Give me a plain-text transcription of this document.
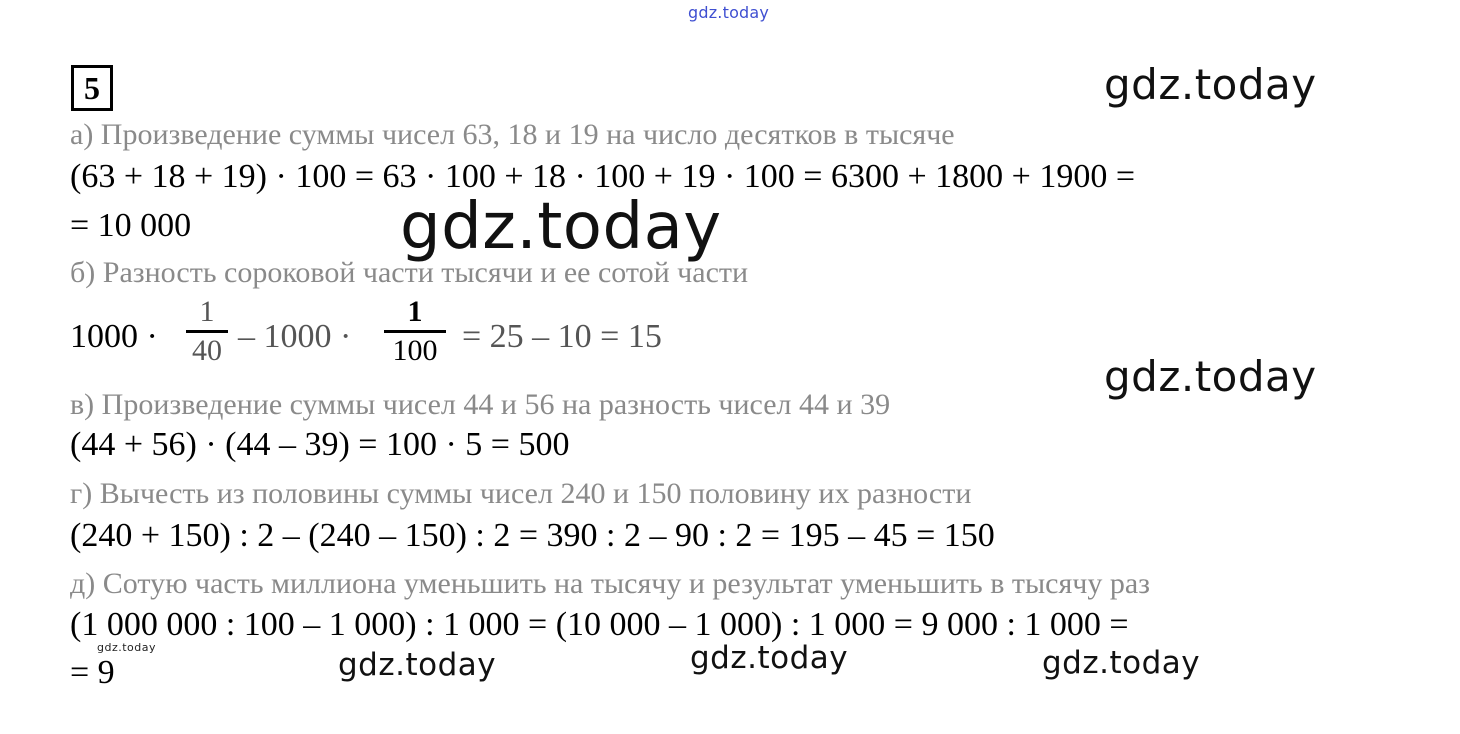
gdz.today
5	gdz.today
gdz.today
gdz.today
gdz.today	gdz.today	gdz.today
gdz.today
а) Произведение суммы чисел 63, 18 и 19 на число десятков в тысяче
(63 + 18 + 19) · 100 = 63 · 100 + 18 · 100 + 19 · 100 = 6300 + 1800 + 1900 =
= 10 000
б) Разность сороковой части тысячи и ее сотой части
1000 ·
1
40 – 1000 ·
1
100 = 25 – 10 = 15
в) Произведение суммы чисел 44 и 56 на разность чисел 44 и 39
(44 + 56) · (44 – 39) = 100 · 5 = 500
г) Вычесть из половины суммы чисел 240 и 150 половину их разности
(240 + 150) : 2 – (240 – 150) : 2 = 390 : 2 – 90 : 2 = 195 – 45 = 150
д) Сотую часть миллиона уменьшить на тысячу и результат уменьшить в тысячу раз
(1 000 000 : 100 – 1 000) : 1 000 = (10 000 – 1 000) : 1 000 = 9 000 : 1 000 =
= 9
